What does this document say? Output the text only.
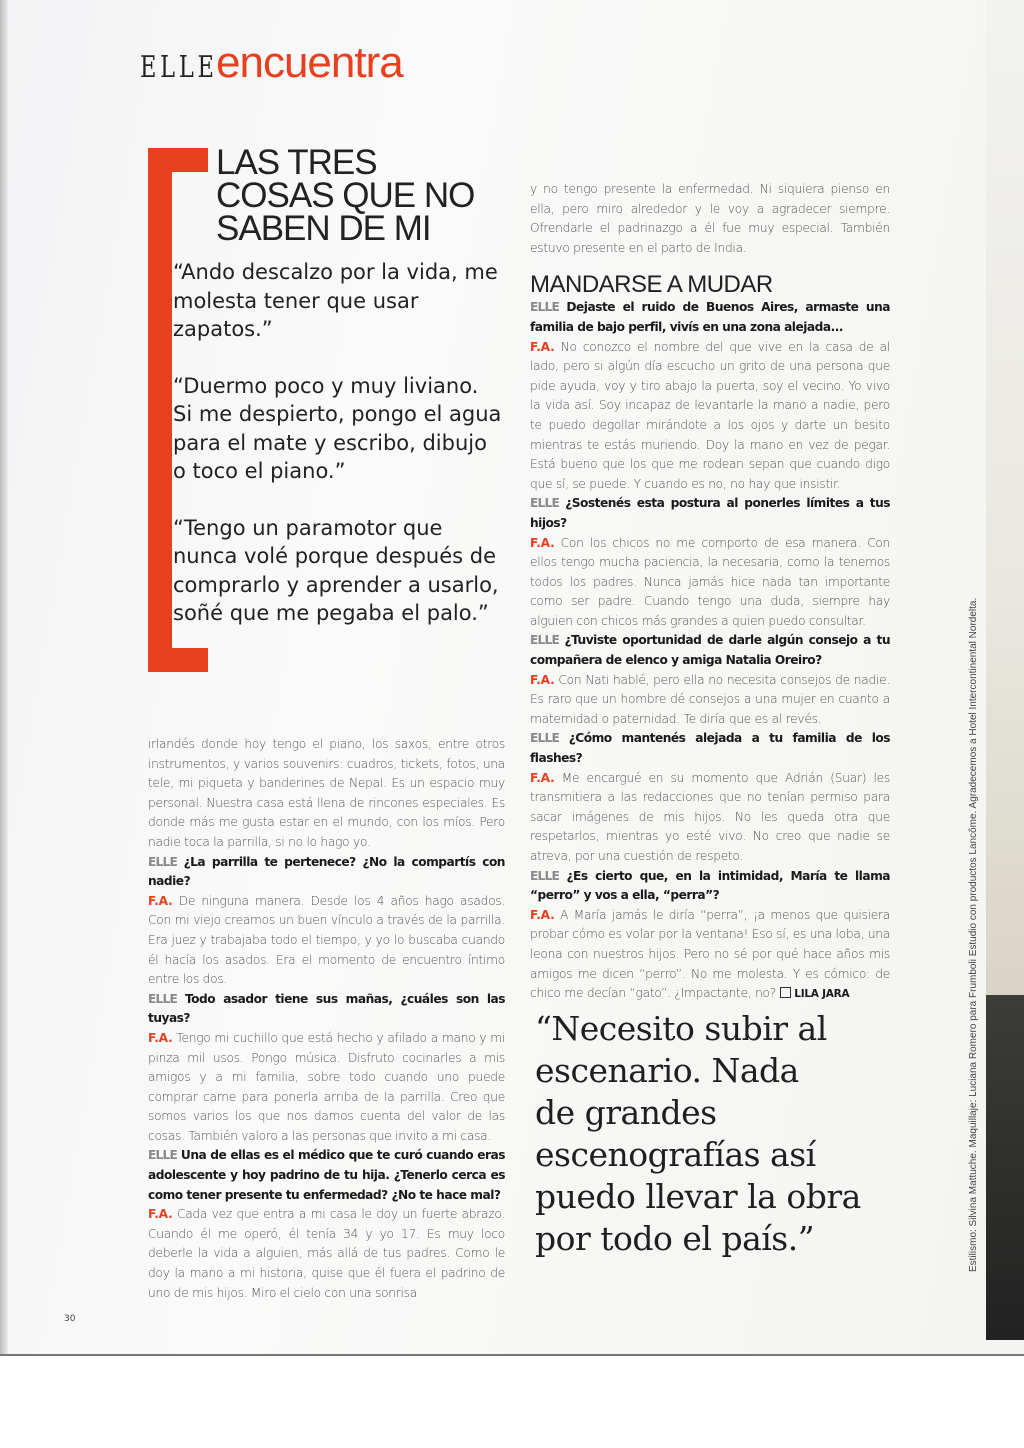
ELLE
encuentra
LAS TRES
COSAS QUE NO
SABEN DE MI

“Ando descalzo por la vida, me molesta tener que usar zapatos.”

“Duermo poco y muy liviano. Si me despierto, pongo el agua para el mate y escribo, dibujo o toco el piano.”

“Tengo un paramotor que nunca volé porque después de comprarlo y aprender a usarlo, soñé que me pegaba el palo.”

irlandés donde hoy tengo el piano, los saxos, entre otros instrumentos, y varios souvenirs: cuadros, tickets, fotos, una tele, mi piqueta y banderines de Nepal. Es un espacio muy personal. Nuestra casa está llena de rincones especiales. Es donde más me gusta estar en el mundo, con los míos. Pero nadie toca la parrilla, si no lo hago yo.

ELLE ¿La parrilla te pertenece? ¿No la compartís con nadie?

F.A. De ninguna manera. Desde los 4 años hago asados. Con mi viejo creamos un buen vínculo a través de la parrilla. Era juez y trabajaba todo el tiempo, y yo lo buscaba cuando él hacía los asados. Era el momento de encuentro íntimo entre los dos.

ELLE Todo asador tiene sus mañas, ¿cuáles son las tuyas?

F.A. Tengo mi cuchillo que está hecho y afilado a mano y mi pinza mil usos. Pongo música. Disfruto cocinarles a mis amigos y a mi familia, sobre todo cuando uno puede comprar carne para ponerla arriba de la parrilla. Creo que somos varios los que nos damos cuenta del valor de las cosas. También valoro a las personas que invito a mi casa.

ELLE Una de ellas es el médico que te curó cuando eras adolescente y hoy padrino de tu hija. ¿Tenerlo cerca es como tener presente tu enfermedad? ¿No te hace mal?

F.A. Cada vez que entra a mi casa le doy un fuerte abrazo. Cuando él me operó, él tenía 34 y yo 17. Es muy loco deberle la vida a alguien, más allá de tus padres. Como le doy la mano a mi historia, quise que él fuera el padrino de uno de mis hijos. Miro el cielo con una sonrisa

y no tengo presente la enfermedad. Ni siquiera pienso en ella, pero miro alrededor y le voy a agradecer siempre. Ofrendarle el padrinazgo a él fue muy especial. También estuvo presente en el parto de India.

MANDARSE A MUDAR

ELLE Dejaste el ruido de Buenos Aires, armaste una familia de bajo perfil, vivís en una zona alejada...

F.A. No conozco el nombre del que vive en la casa de al lado, pero si algún día escucho un grito de una persona que pide ayuda, voy y tiro abajo la puerta, soy el vecino. Yo vivo la vida así. Soy incapaz de levantarle la mano a nadie, pero te puedo degollar mirándote a los ojos y darte un besito mientras te estás muriendo. Doy la mano en vez de pegar. Está bueno que los que me rodean sepan que cuando digo que sí, se puede. Y cuando es no, no hay que insistir.

ELLE ¿Sostenés esta postura al ponerles límites a tus hijos?

F.A. Con los chicos no me comporto de esa manera. Con ellos tengo mucha paciencia, la necesaria, como la tenemos todos los padres. Nunca jamás hice nada tan importante como ser padre. Cuando tengo una duda, siempre hay alguien con chicos más grandes a quien puedo consultar.

ELLE ¿Tuviste oportunidad de darle algún consejo a tu compañera de elenco y amiga Natalia Oreiro?

F.A. Con Nati hablé, pero ella no necesita consejos de nadie. Es raro que un hombre dé consejos a una mujer en cuanto a maternidad o paternidad. Te diría que es al revés.

ELLE ¿Cómo mantenés alejada a tu familia de los flashes?

F.A. Me encargué en su momento que Adrián (Suar) les transmitiera a las redacciones que no tenían permiso para sacar imágenes de mis hijos. No les queda otra que respetarlos, mientras yo esté vivo. No creo que nadie se atreva, por una cuestión de respeto.

ELLE ¿Es cierto que, en la intimidad, María te llama “perro” y vos a ella, “perra”?

F.A. A María jamás le diría “perra”, ¡a menos que quisiera probar cómo es volar por la ventana! Eso sí, es una loba, una leona con nuestros hijos. Pero no sé por qué hace años mis amigos me dicen “perro”. No me molesta. Y es cómico: de chico me decían “gato”. ¿Impactante, no? LILA JARA

“Necesito subir al
escenario. Nada
de grandes
escenografías así
puedo llevar la obra
por todo el país.”	Estilismo: Silvina Mattuche. Maquillaje: Luciana Romero para Frumboli Estudio con productos Lancôme. Agradecemos a Hotel Intercontinental Nordelta.
30
